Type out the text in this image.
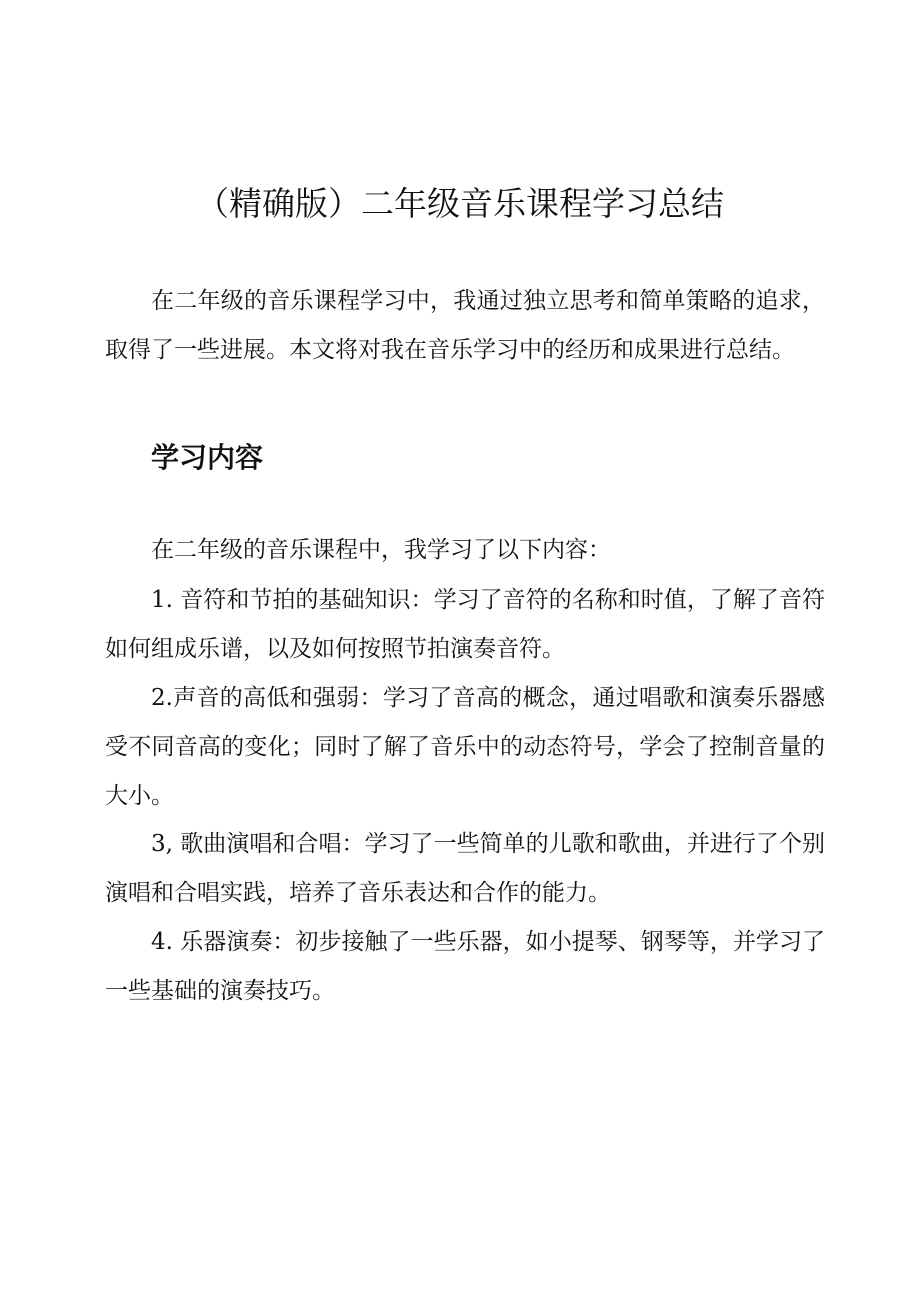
（精确版）二年级音乐课程学习总结

在二年级的音乐课程学习中，我通过独立思考和简单策略的追求，取得了一些进展。本文将对我在音乐学习中的经历和成果进行总结。

学习内容

在二年级的音乐课程中，我学习了以下内容：

1. 音符和节拍的基础知识：学习了音符的名称和时值，了解了音符如何组成乐谱，以及如何按照节拍演奏音符。

2.声音的高低和强弱：学习了音高的概念，通过唱歌和演奏乐器感受不同音高的变化；同时了解了音乐中的动态符号，学会了控制音量的大小。

3, 歌曲演唱和合唱：学习了一些简单的儿歌和歌曲，并进行了个别演唱和合唱实践，培养了音乐表达和合作的能力。

4. 乐器演奏：初步接触了一些乐器，如小提琴、钢琴等，并学习了一些基础的演奏技巧。
